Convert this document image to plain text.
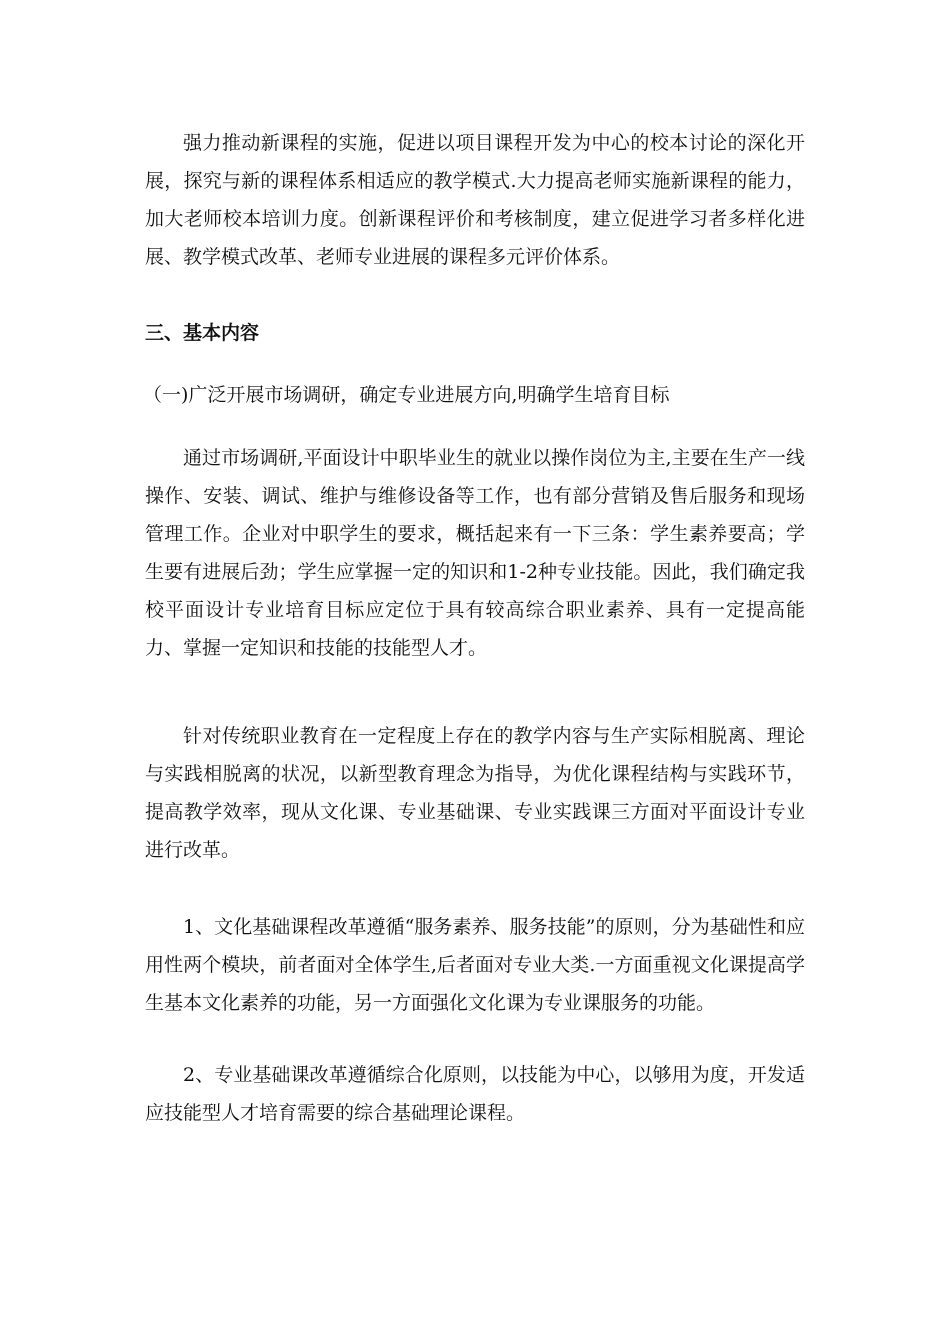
强力推动新课程的实施，促进以项目课程开发为中心的校本讨论的深化开展，探究与新的课程体系相适应的教学模式.大力提高老师实施新课程的能力，加大老师校本培训力度。创新课程评价和考核制度，建立促进学习者多样化进展、教学模式改革、老师专业进展的课程多元评价体系。

三、基本内容

（一)广泛开展市场调研，确定专业进展方向,明确学生培育目标

通过市场调研,平面设计中职毕业生的就业以操作岗位为主,主要在生产一线操作、安装、调试、维护与维修设备等工作，也有部分营销及售后服务和现场管理工作。企业对中职学生的要求，概括起来有一下三条：学生素养要高；学生要有进展后劲；学生应掌握一定的知识和1-2种专业技能。因此，我们确定我校平面设计专业培育目标应定位于具有较高综合职业素养、具有一定提高能力、掌握一定知识和技能的技能型人才。

针对传统职业教育在一定程度上存在的教学内容与生产实际相脱离、理论与实践相脱离的状况，以新型教育理念为指导，为优化课程结构与实践环节，提高教学效率，现从文化课、专业基础课、专业实践课三方面对平面设计专业进行改革。

1、文化基础课程改革遵循“服务素养、服务技能”的原则，分为基础性和应用性两个模块，前者面对全体学生,后者面对专业大类.一方面重视文化课提高学生基本文化素养的功能，另一方面强化文化课为专业课服务的功能。

2、专业基础课改革遵循综合化原则，以技能为中心，以够用为度，开发适应技能型人才培育需要的综合基础理论课程。
